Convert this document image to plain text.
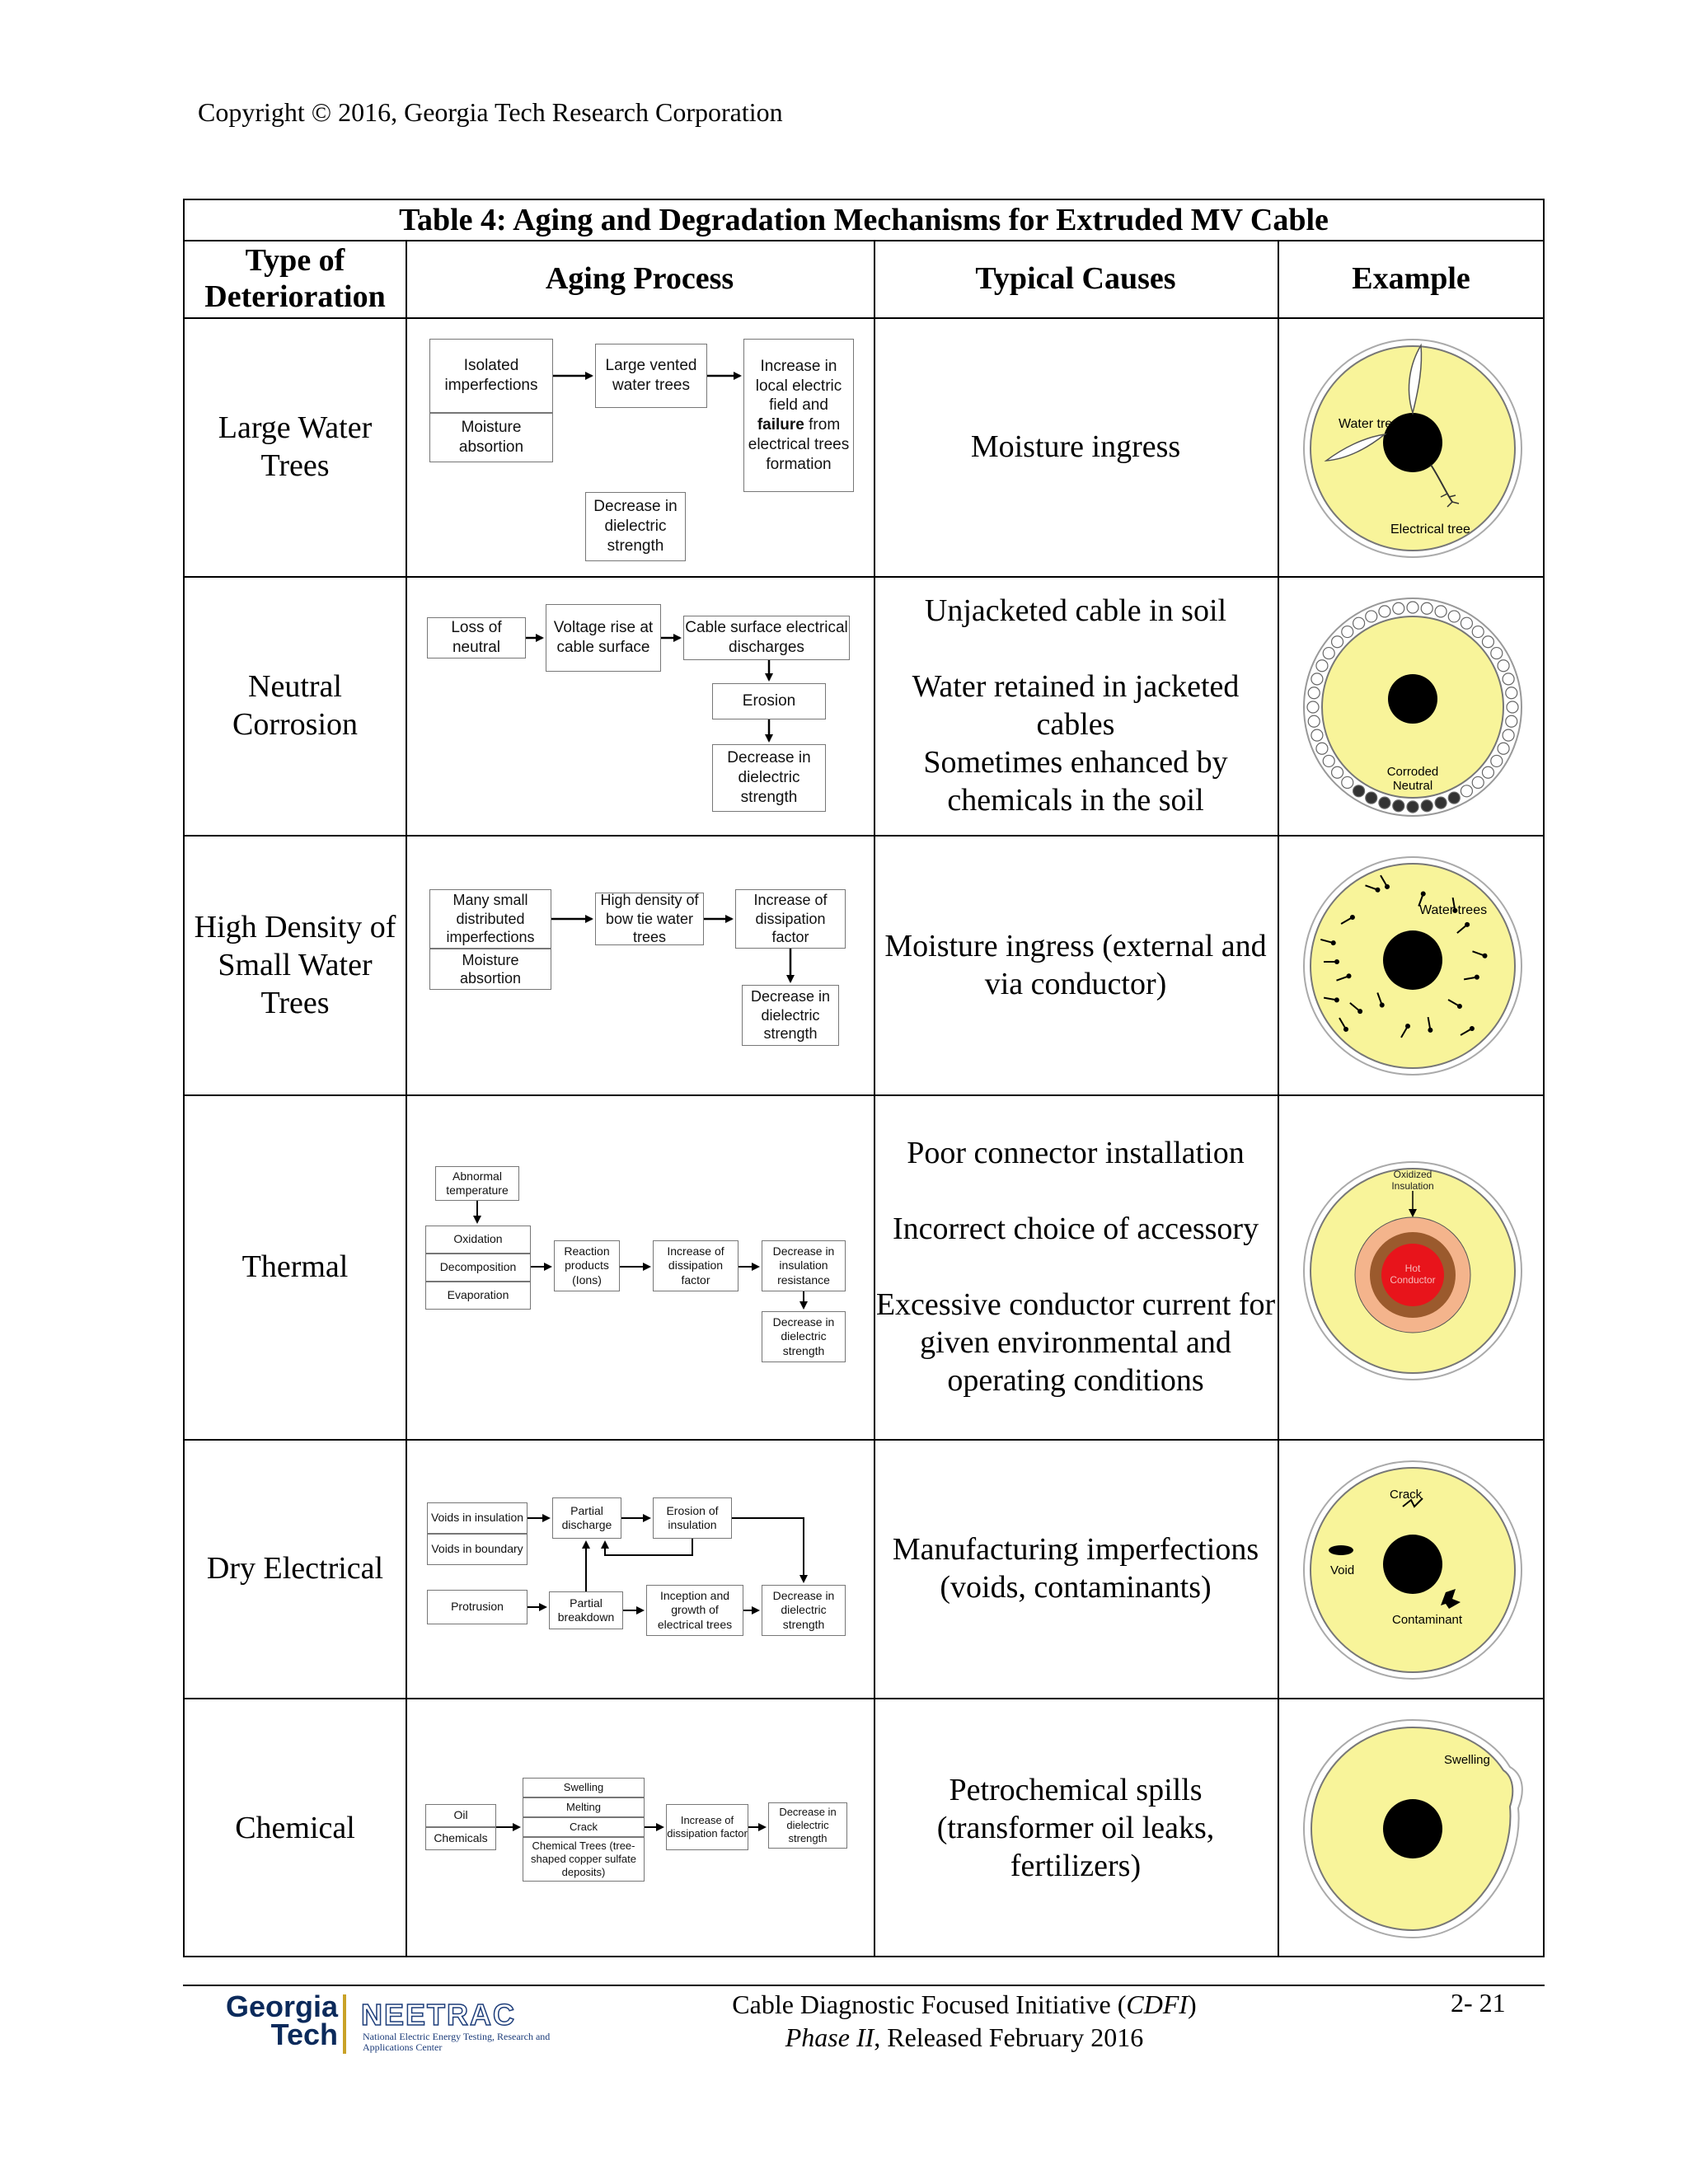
Copyright © 2016, Georgia Tech Research Corporation
Table 4: Aging and Degradation Mechanisms for Extruded MV Cable
Type of Deterioration
Aging Process	Typical Causes	Example
Large Water Trees
Moisture ingress
Isolated imperfections
Moisture absortion
Large vented water trees
Increase in local electric field and failure from electrical trees formation
Decrease in dielectric strength
Water tree
Electrical tree
Neutral Corrosion
Unjacketed cable in soil
Water retained in jacketed cables
Sometimes enhanced by chemicals in the soil
Loss of neutral
Voltage rise at cable surface
Cable surface electrical discharges
Erosion
Decrease in dielectric strength
Corroded Neutral
High Density of Small Water Trees
Moisture ingress (external and via conductor)
Many small distributed imperfections
Moisture absortion
High density of bow tie water trees
Increase of dissipation factor
Decrease in dielectric strength
Water trees
Thermal
Poor connector installation
Incorrect choice of accessory
Excessive conductor current for given environmental and operating conditions
Abnormal temperature
Oxidation
Decomposition
Evaporation
Reaction products (Ions)
Increase of dissipation factor
Decrease in insulation resistance
Decrease in dielectric strength
Oxidized Insulation
Hot Conductor
Dry Electrical
Manufacturing imperfections (voids, contaminants)
Voids in insulation
Voids in boundary
Protrusion
Partial discharge
Erosion of insulation
Partial breakdown
Inception and growth of electrical trees
Decrease in dielectric strength
Crack
Void
Contaminant
Chemical
Petrochemical spills (transformer oil leaks, fertilizers)
Oil
Chemicals
Swelling
Melting
Crack
Chemical Trees (tree-shaped copper sulfate deposits)
Increase of dissipation factor
Decrease in dielectric strength
Swelling
Georgia
Tech
NEETRAC
National Electric Energy Testing, Research and Applications Center
Cable Diagnostic Focused Initiative (CDFI)
Phase II, Released February 2016
2- 21
